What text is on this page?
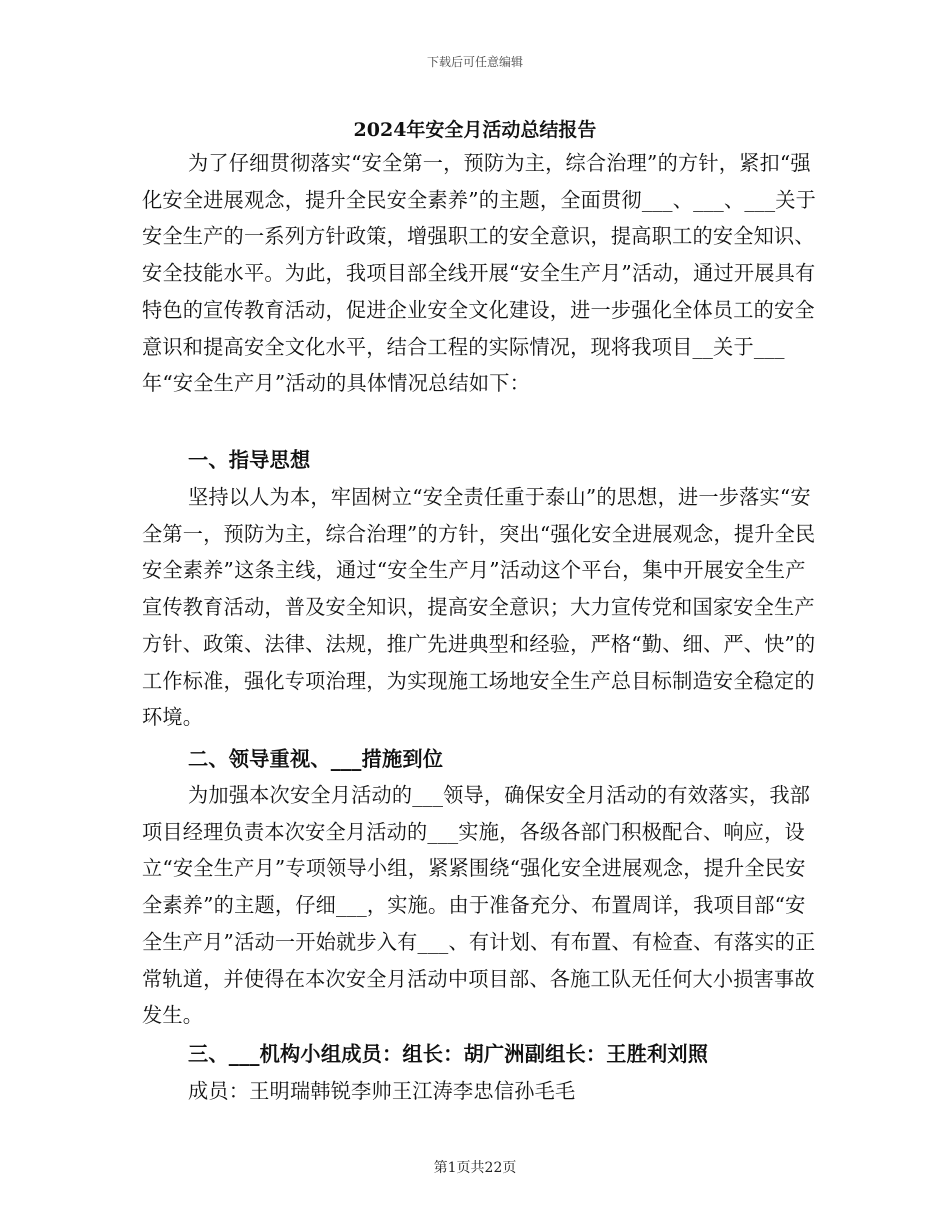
下载后可任意编辑
2024年安全月活动总结报告

为了仔细贯彻落实“安全第一，预防为主，综合治理”的方针，紧扣“强化安全进展观念，提升全民安全素养”的主题，全面贯彻___、___、___关于安全生产的一系列方针政策，增强职工的安全意识，提高职工的安全知识、安全技能水平。为此，我项目部全线开展“安全生产月”活动，通过开展具有特色的宣传教育活动，促进企业安全文化建设，进一步强化全体员工的安全意识和提高安全文化水平，结合工程的实际情况，现将我项目__关于___年“安全生产月”活动的具体情况总结如下：

一、指导思想

坚持以人为本，牢固树立“安全责任重于泰山”的思想，进一步落实“安全第一，预防为主，综合治理”的方针，突出“强化安全进展观念，提升全民安全素养”这条主线，通过“安全生产月”活动这个平台，集中开展安全生产宣传教育活动，普及安全知识，提高安全意识；大力宣传党和国家安全生产方针、政策、法律、法规，推广先进典型和经验，严格“勤、细、严、快”的工作标准，强化专项治理，为实现施工场地安全生产总目标制造安全稳定的环境。

二、领导重视、___措施到位

为加强本次安全月活动的___领导，确保安全月活动的有效落实，我部项目经理负责本次安全月活动的___实施，各级各部门积极配合、响应，设立“安全生产月”专项领导小组，紧紧围绕“强化安全进展观念，提升全民安全素养”的主题，仔细___，实施。由于准备充分、布置周详，我项目部“安全生产月”活动一开始就步入有___、有计划、有布置、有检查、有落实的正常轨道，并使得在本次安全月活动中项目部、各施工队无任何大小损害事故发生。

三、___机构小组成员：组长：胡广洲副组长：王胜利刘照

成员：王明瑞韩锐李帅王江涛李忠信孙毛毛

第1页共22页
